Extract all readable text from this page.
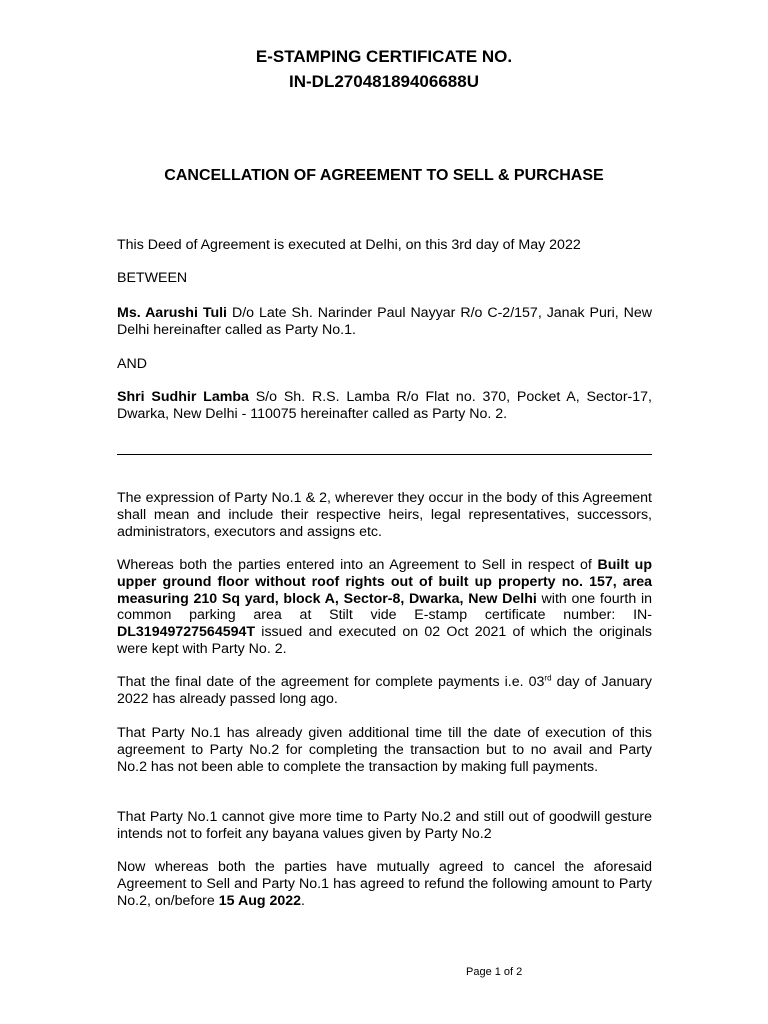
E-STAMPING CERTIFICATE NO.
IN-DL27048189406688U
CANCELLATION OF AGREEMENT TO SELL & PURCHASE

This Deed of Agreement is executed at Delhi, on this 3rd day of May 2022

BETWEEN

Ms. Aarushi Tuli D/o Late Sh. Narinder Paul Nayyar R/o C-2/157, Janak Puri, New Delhi hereinafter called as Party No.1.

AND

Shri Sudhir Lamba S/o Sh. R.S. Lamba R/o Flat no. 370, Pocket A, Sector-17, Dwarka, New Delhi - 110075 hereinafter called as Party No. 2.

The expression of Party No.1 & 2, wherever they occur in the body of this Agreement shall mean and include their respective heirs, legal representatives, successors, administrators, executors and assigns etc.

Whereas both the parties entered into an Agreement to Sell in respect of Built up upper ground floor without roof rights out of built up property no. 157, area measuring 210 Sq yard, block A, Sector-8, Dwarka, New Delhi with one fourth in common parking area at Stilt vide E-stamp certificate number: IN-DL31949727564594T issued and executed on 02 Oct 2021 of which the originals were kept with Party No. 2.

That the final date of the agreement for complete payments i.e. 03rd day of January 2022 has already passed long ago.

That Party No.1 has already given additional time till the date of execution of this agreement to Party No.2 for completing the transaction but to no avail and Party No.2 has not been able to complete the transaction by making full payments.

That Party No.1 cannot give more time to Party No.2 and still out of goodwill gesture intends not to forfeit any bayana values given by Party No.2

Now whereas both the parties have mutually agreed to cancel the aforesaid Agreement to Sell and Party No.1 has agreed to refund the following amount to Party No.2, on/before 15 Aug 2022.

Page 1 of 2
